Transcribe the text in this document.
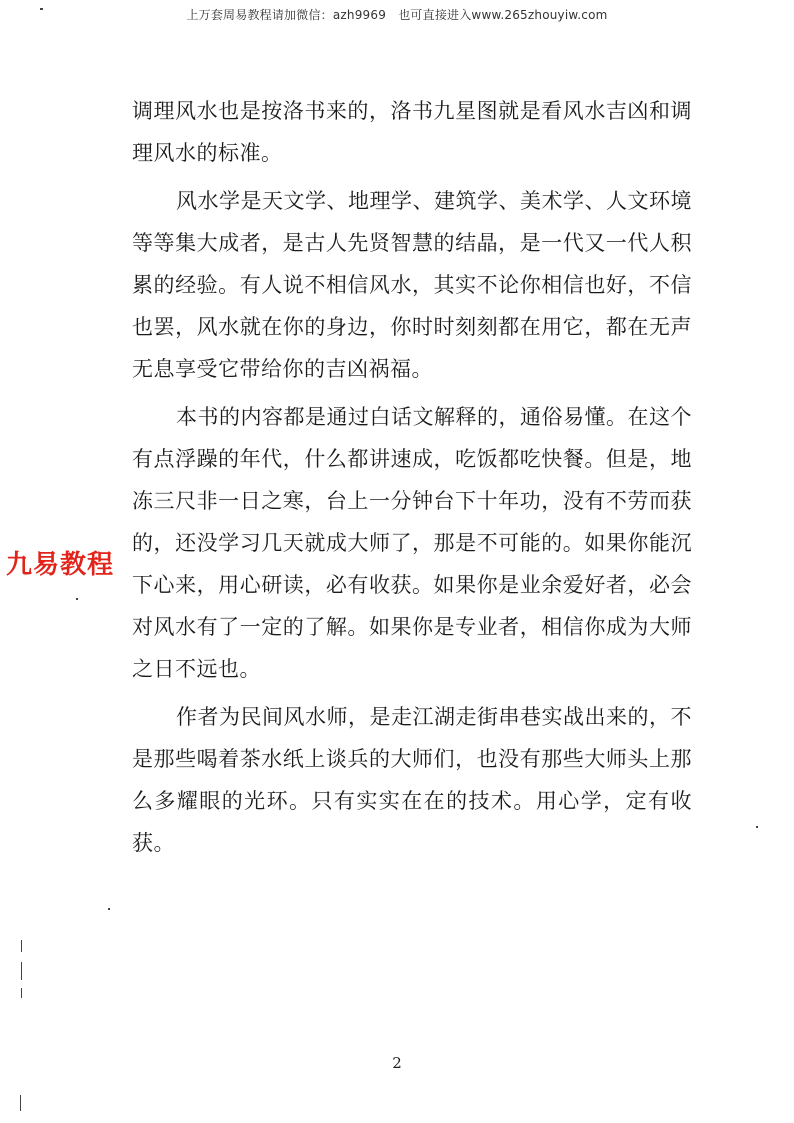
上万套周易教程请加微信：azh9969　也可直接进入www.265zhouyiw.com

调理风水也是按洛书来的，洛书九星图就是看风水吉凶和调理风水的标准。

风水学是天文学、地理学、建筑学、美术学、人文环境等等集大成者，是古人先贤智慧的结晶，是一代又一代人积累的经验。有人说不相信风水，其实不论你相信也好，不信也罢，风水就在你的身边，你时时刻刻都在用它，都在无声无息享受它带给你的吉凶祸福。

本书的内容都是通过白话文解释的，通俗易懂。在这个有点浮躁的年代，什么都讲速成，吃饭都吃快餐。但是，地冻三尺非一日之寒，台上一分钟台下十年功，没有不劳而获的，还没学习几天就成大师了，那是不可能的。如果你能沉下心来，用心研读，必有收获。如果你是业余爱好者，必会对风水有了一定的了解。如果你是专业者，相信你成为大师之日不远也。

作者为民间风水师，是走江湖走街串巷实战出来的，不是那些喝着茶水纸上谈兵的大师们，也没有那些大师头上那么多耀眼的光环。只有实实在在的技术。用心学，定有收获。

九易教程
2
